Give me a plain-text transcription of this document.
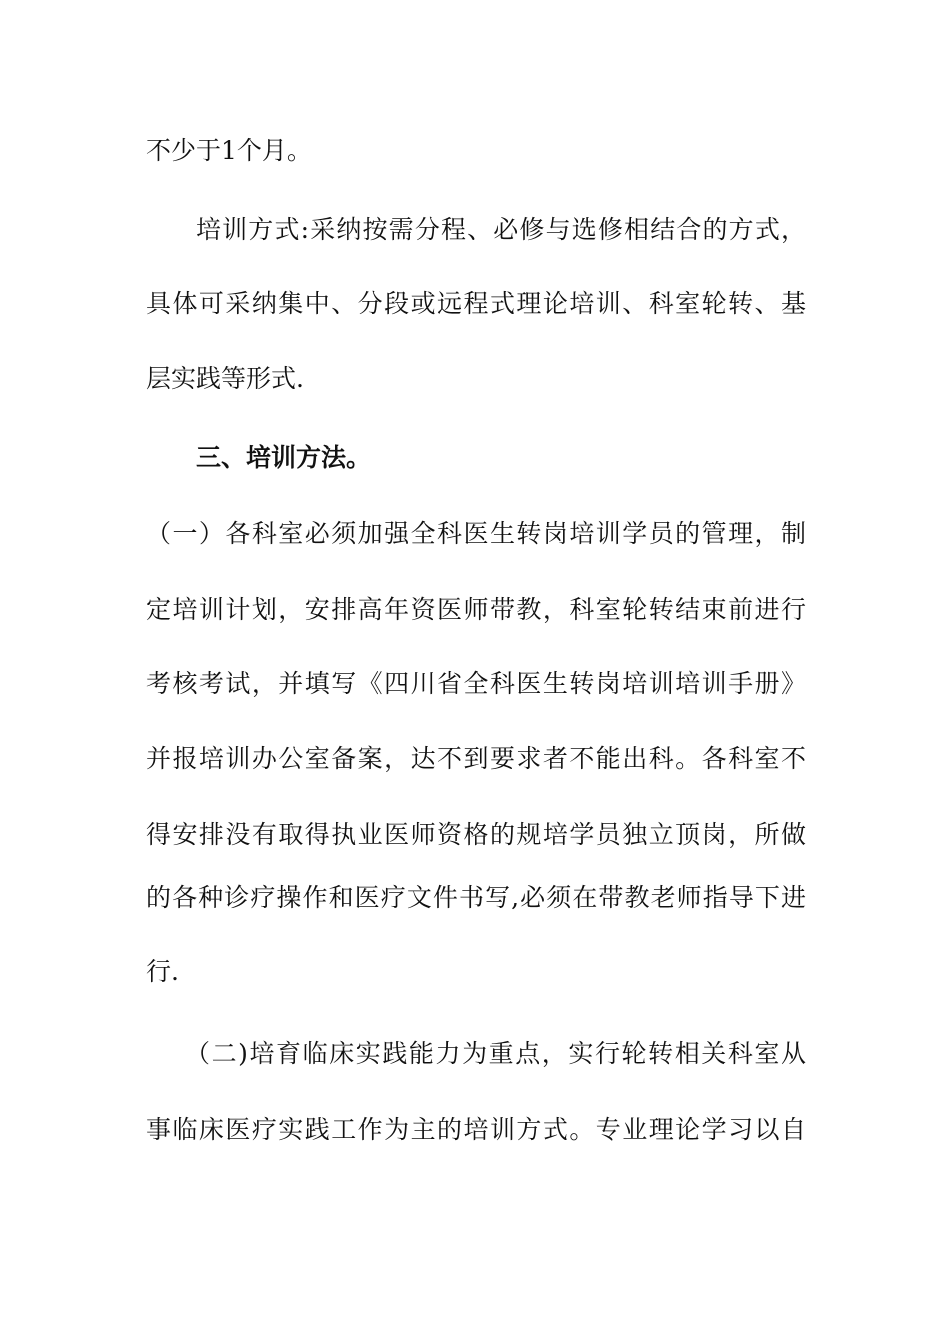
不少于1个月。
培训方式:采纳按需分程、必修与选修相结合的方式，
具体可采纳集中、分段或远程式理论培训、科室轮转、基
层实践等形式.
三、培训方法。
（一）各科室必须加强全科医生转岗培训学员的管理，制
定培训计划，安排高年资医师带教，科室轮转结束前进行
考核考试，并填写《四川省全科医生转岗培训培训手册》
并报培训办公室备案，达不到要求者不能出科。各科室不
得安排没有取得执业医师资格的规培学员独立顶岗，所做
的各种诊疗操作和医疗文件书写,必须在带教老师指导下进
行.
（二)培育临床实践能力为重点，实行轮转相关科室从
事临床医疗实践工作为主的培训方式。专业理论学习以自
